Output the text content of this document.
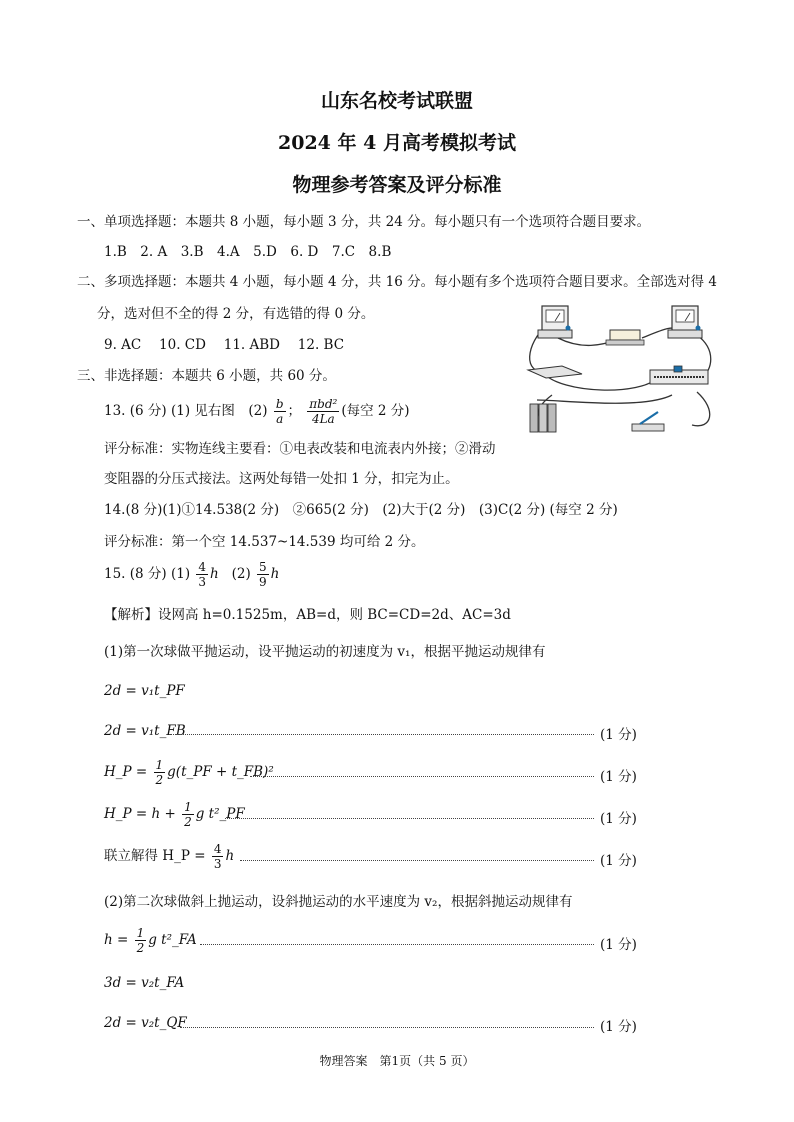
山东名校考试联盟
2024 年 4 月高考模拟考试
物理参考答案及评分标准
一、单项选择题：本题共 8 小题，每小题 3 分，共 24 分。每小题只有一个选项符合题目要求。
1.B　2. A　3.B　4.A　5.D　6. D　7.C　8.B
二、多项选择题：本题共 4 小题，每小题 4 分，共 16 分。每小题有多个选项符合题目要求。全部选对得 4
分，选对但不全的得 2 分，有选错的得 0 分。
9. AC　 10. CD　 11. ABD　 12. BC
三、非选择题：本题共 6 小题，共 60 分。
13. (6 分) (1) 见右图　$(2) \frac{b}{a}$ ； $\frac{\text{πbd²}}{4La}$ (每空 2 分)
评分标准：实物连线主要看：①电表改装和电流表内外接；②滑动
变阻器的分压式接法。这两处每错一处扣 1 分，扣完为止。
14.(8 分)(1)①14.538(2 分)　②665(2 分)　(2)大于(2 分)　(3)C(2 分) (每空 2 分)
评分标准：第一个空 14.537~14.539 均可给 2 分。
15. (8 分) $(1) \frac{4}{3}$ h $(2) \frac{5}{9}$ h
【解析】设网高 h=0.1525m，AB=d，则 BC=CD=2d、AC=3d
(1)第一次球做平抛运动，设平抛运动的初速度为 v₁，根据平抛运动规律有
2d = v₁t_PF
2d = v₁t_FB	(1 分)
H_P = $\frac{1}{2}$ g(t_PF + t_FB)²	(1 分)
H_P = $h + \frac{1}{2}$ g t²_PF	(1 分)
联立解得 H_P = $\frac{4}{3}$ h	(1 分)
(2)第二次球做斜上抛运动，设斜抛运动的水平速度为 v₂，根据斜抛运动规律有
$h = \frac{1}{2}$ g t²_FA	(1 分)
3d = v₂t_FA
2d = v₂t_QF	(1 分)
物理答案　第1页（共 5 页）
